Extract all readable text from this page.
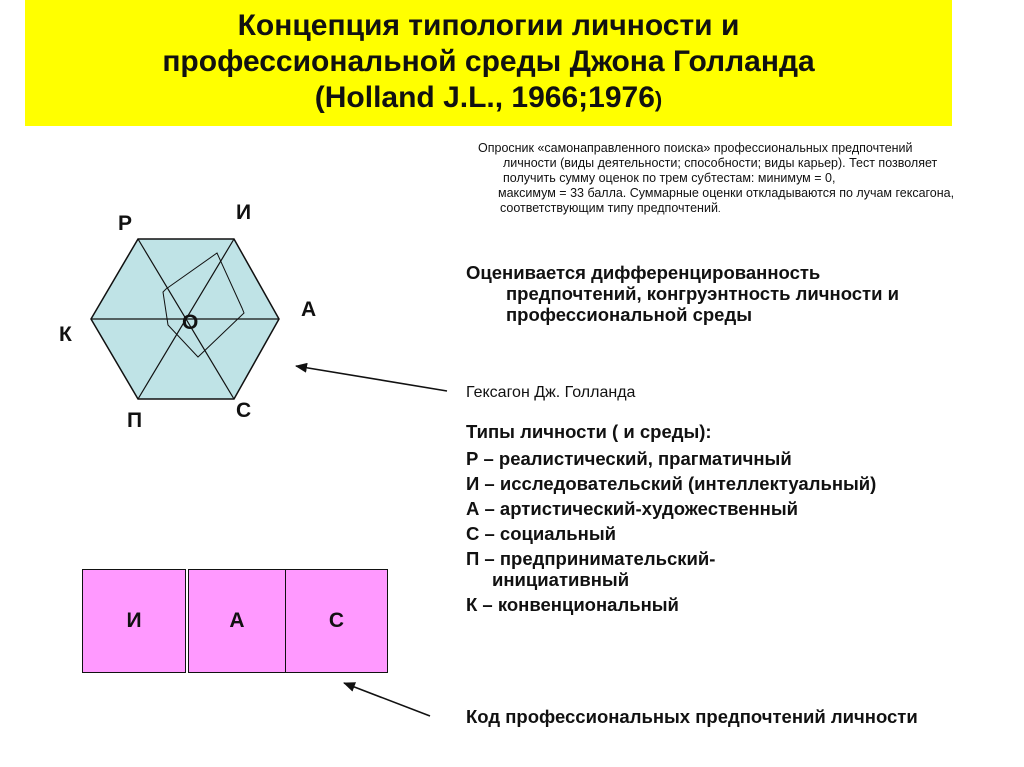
Концепция типологии личности и
профессиональной среды Джона Голланда
(Holland J.L., 1966;1976)
Р	И
А
С
П
К
О
И	А	С
Опросник «самонаправленного поиска» профессиональных предпочтений личности (виды деятельности; способности; виды карьер). Тест позволяет получить сумму оценок по трем субтестам: минимум = 0,
максимум = 33 балла. Суммарные оценки откладываются по лучам гексагона, соответствующим типу предпочтений.
Оценивается дифференцированность предпочтений, конгруэнтность личности и профессиональной среды
Гексагон Дж. Голланда
Типы личности ( и среды):
Р – реалистический, прагматичный
И – исследовательский (интеллектуальный)
А – артистический-художественный
С – социальный
П – предпринимательский-инициативный
К – конвенциональный
Код профессиональных предпочтений личности
